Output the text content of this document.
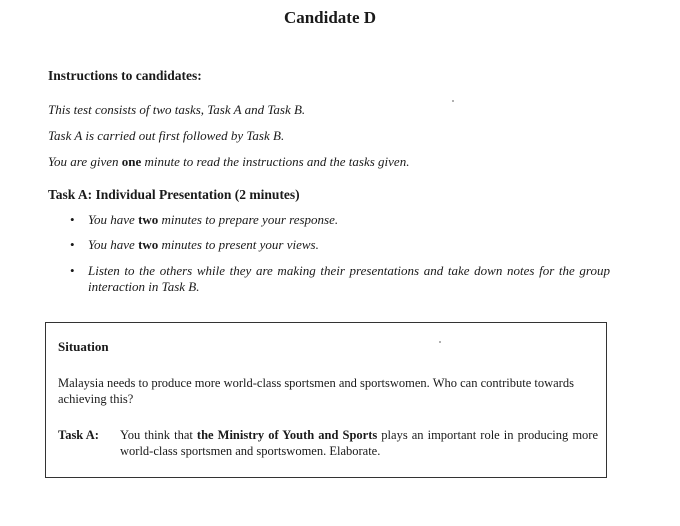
Candidate D
Instructions to candidates:
This test consists of two tasks, Task A and Task B.
Task A is carried out first followed by Task B.
You are given one minute to read the instructions and the tasks given.
Task A: Individual Presentation (2 minutes)
• You have two minutes to prepare your response.
• You have two minutes to present your views.
• Listen to the others while they are making their presentations and take down notes for the group interaction in Task B.
Situation
Malaysia needs to produce more world-class sportsmen and sportswomen. Who can contribute towards achieving this?
Task A: You think that the Ministry of Youth and Sports plays an important role in producing more world-class sportsmen and sportswomen. Elaborate.
